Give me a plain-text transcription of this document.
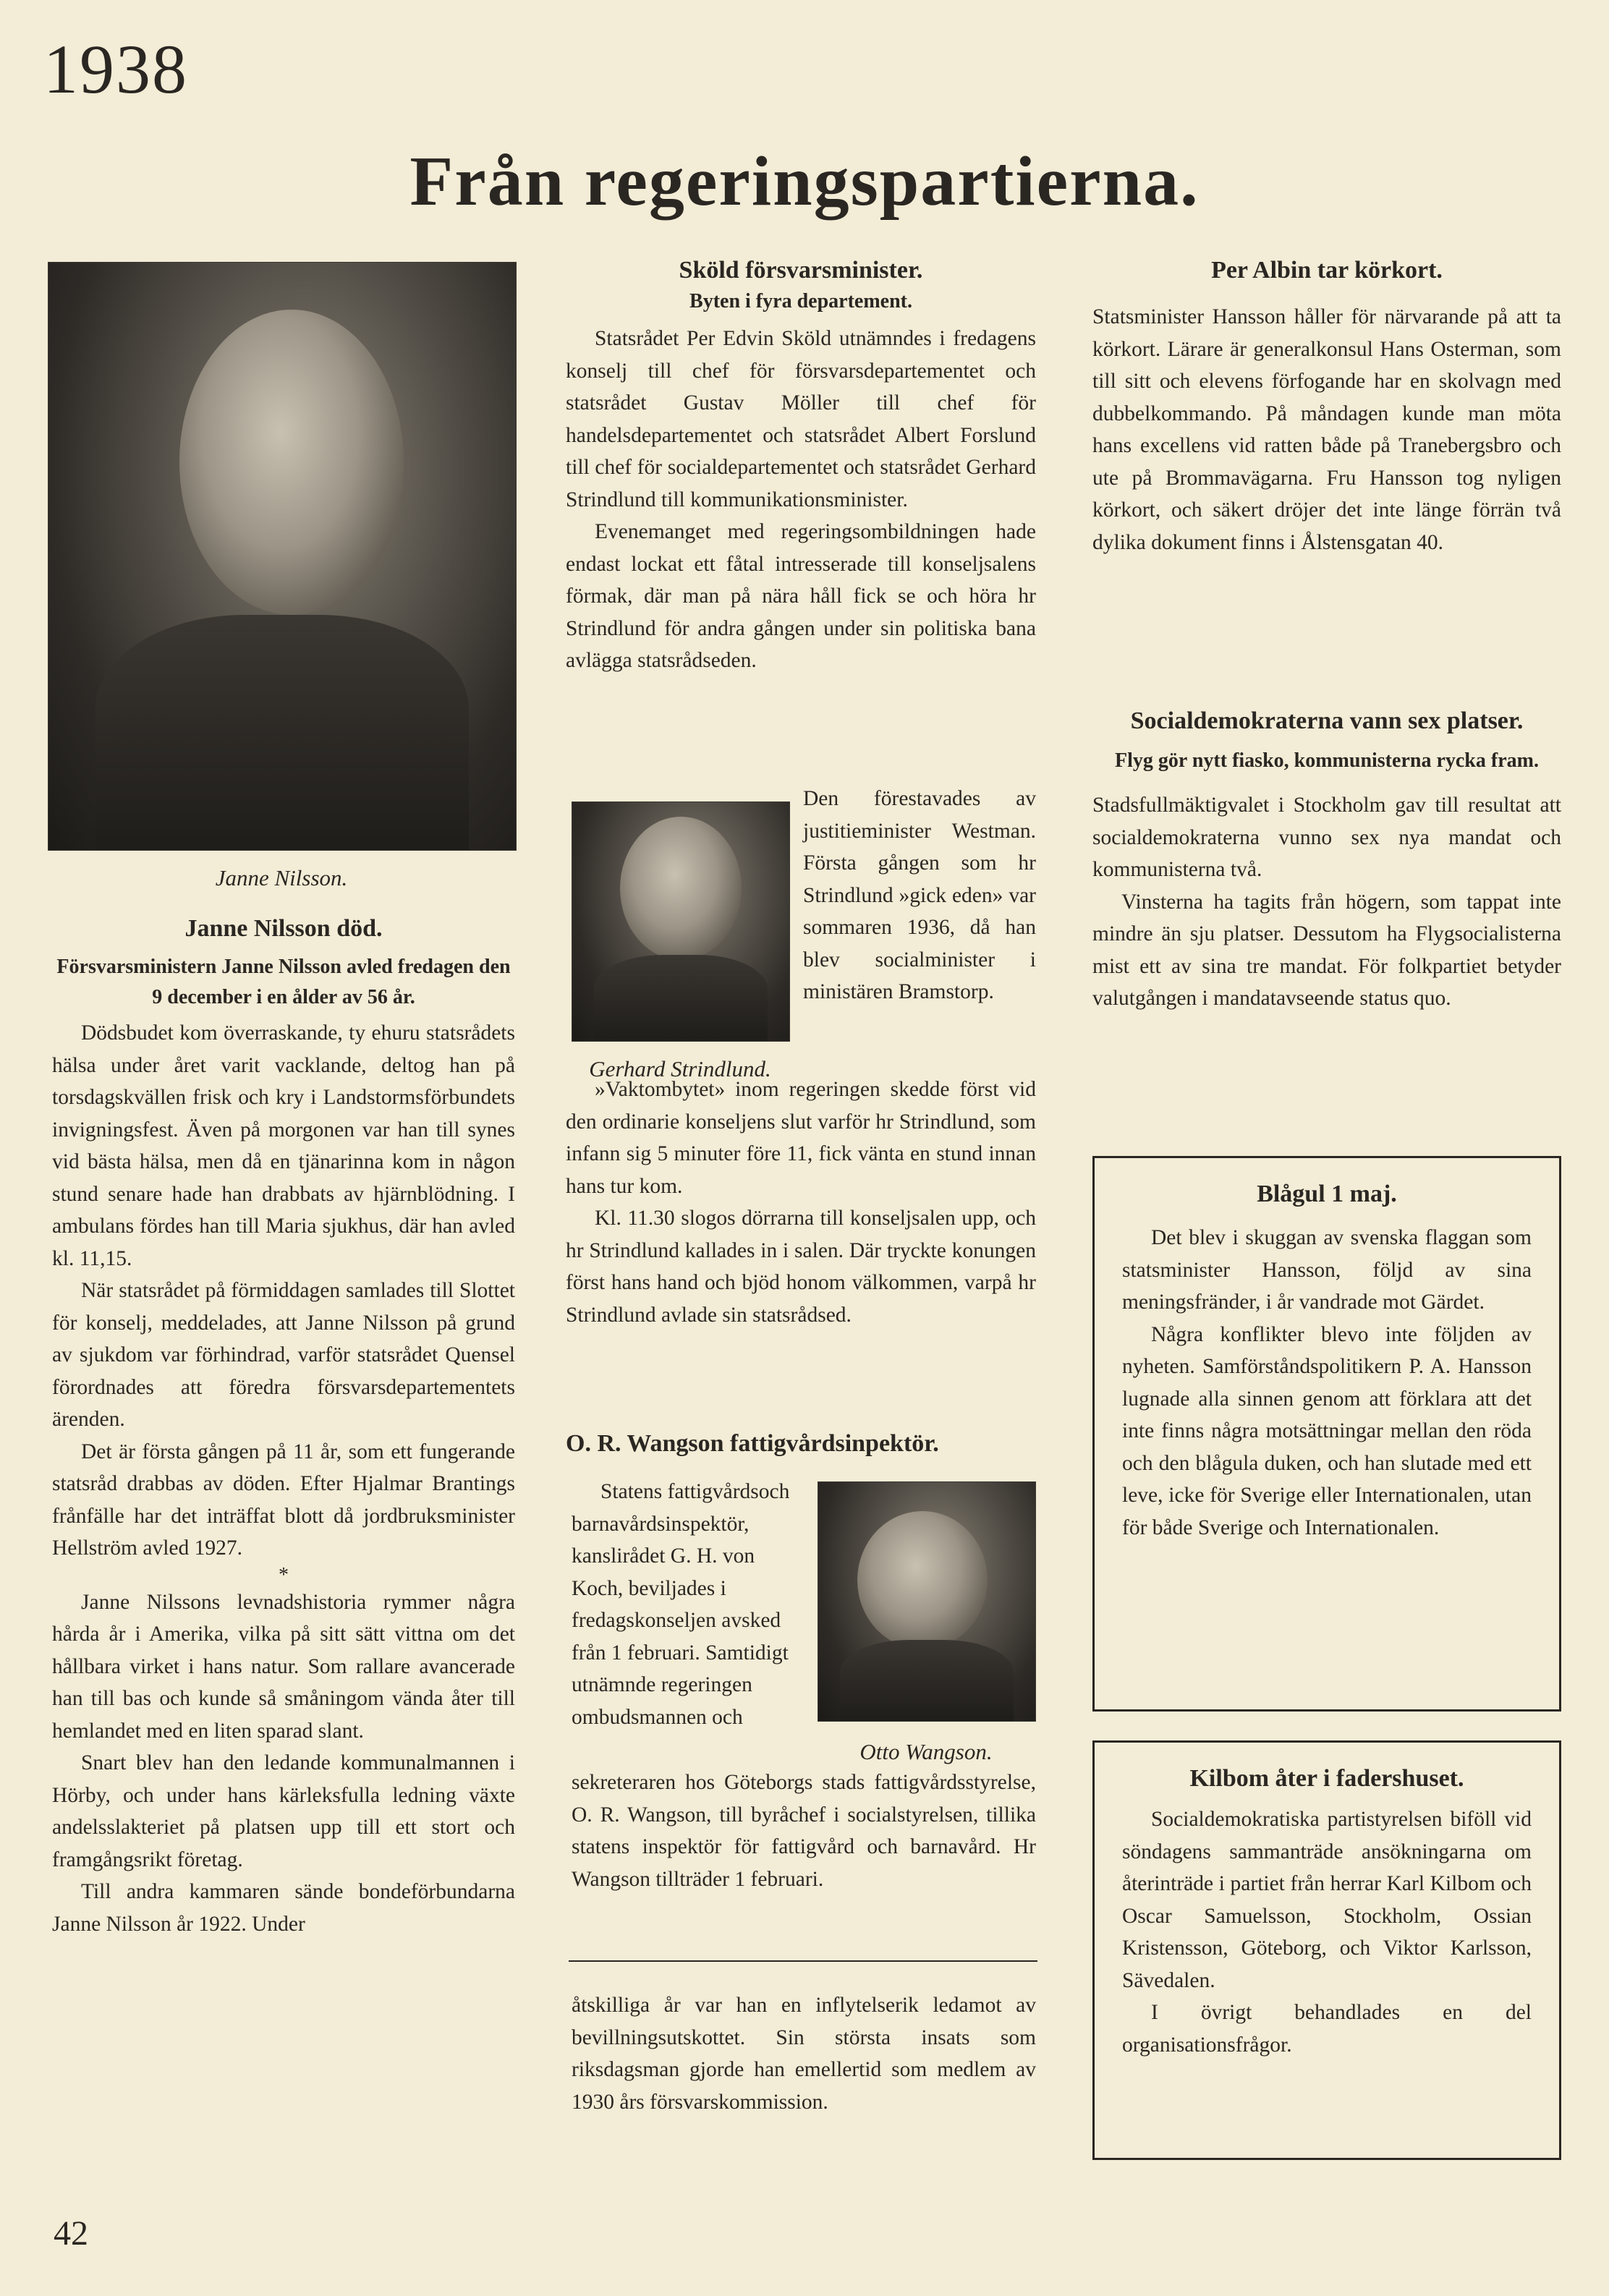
1938
Från regeringspartierna.
Janne Nilsson.
Janne Nilsson död.
Försvarsministern Janne Nilsson avled fredagen den 9 december i en ålder av 56 år.

Dödsbudet kom överraskande, ty ehuru statsrådets hälsa under året varit vacklande, deltog han på torsdagskvällen frisk och kry i Landstormsförbundets invigningsfest. Även på morgonen var han till synes vid bästa hälsa, men då en tjänarinna kom in någon stund senare hade han drabbats av hjärnblödning. I ambulans fördes han till Maria sjukhus, där han avled kl. 11,15.

När statsrådet på förmiddagen samlades till Slottet för konselj, meddelades, att Janne Nilsson på grund av sjukdom var förhindrad, varför statsrådet Quensel förordnades att föredra försvarsdepartementets ärenden.

Det är första gången på 11 år, som ett fungerande statsråd drabbas av döden. Efter Hjalmar Brantings frånfälle har det inträffat blott då jordbruksminister Hellström avled 1927.

*

Janne Nilssons levnadshistoria rymmer några hårda år i Amerika, vilka på sitt sätt vittna om det hållbara virket i hans natur. Som rallare avancerade han till bas och kunde så småningom vända åter till hemlandet med en liten sparad slant.

Snart blev han den ledande kommunalmannen i Hörby, och under hans kärleksfulla ledning växte andelsslakteriet på platsen upp till ett stort och framgångsrikt företag.

Till andra kammaren sände bondeförbundarna Janne Nilsson år 1922. Under

Sköld försvarsminister.
Byten i fyra departement.

Statsrådet Per Edvin Sköld utnämndes i fredagens konselj till chef för försvarsdepartementet och statsrådet Gustav Möller till chef för handelsdepartementet och statsrådet Albert Forslund till chef för socialdepartementet och statsrådet Gerhard Strindlund till kommunikationsminister.

Evenemanget med regeringsombildningen hade endast lockat ett fåtal intresserade till konseljsalens förmak, där man på nära håll fick se och höra hr Strindlund för andra gången under sin politiska bana avlägga statsrådseden.

Gerhard Strindlund.

Den förestavades av justitieminister Westman. Första gången som hr Strindlund »gick eden» var sommaren 1936, då han blev socialminister i ministären Bramstorp.

»Vaktombytet» inom regeringen skedde först vid den ordinarie konseljens slut varför hr Strindlund, som infann sig 5 minuter före 11, fick vänta en stund innan hans tur kom.

Kl. 11.30 slogos dörrarna till konseljsalen upp, och hr Strindlund kallades in i salen. Där tryckte konungen först hans hand och bjöd honom välkommen, varpå hr Strindlund avlade sin statsrådsed.

O. R. Wangson fattigvårdsinpektör.

Statens fattigvårdsoch barnavårdsinspektör, kanslirådet G. H. von Koch, beviljades i fredagskonseljen avsked från 1 februari. Samtidigt utnämnde regeringen ombudsmannen och

Otto Wangson.

sekreteraren hos Göteborgs stads fattigvårdsstyrelse, O. R. Wangson, till byråchef i socialstyrelsen, tillika statens inspektör för fattigvård och barnavård. Hr Wangson tillträder 1 februari.

åtskilliga år var han en inflytelserik ledamot av bevillningsutskottet. Sin största insats som riksdagsman gjorde han emellertid som medlem av 1930 års försvarskommission.

Per Albin tar körkort.

Statsminister Hansson håller för närvarande på att ta körkort. Lärare är generalkonsul Hans Osterman, som till sitt och elevens förfogande har en skolvagn med dubbelkommando. På måndagen kunde man möta hans excellens vid ratten både på Tranebergsbro och ute på Brommavägarna. Fru Hansson tog nyligen körkort, och säkert dröjer det inte länge förrän två dylika dokument finns i Ålstensgatan 40.

Socialdemokraterna vann sex platser.
Flyg gör nytt fiasko, kommunisterna rycka fram.

Stadsfullmäktigvalet i Stockholm gav till resultat att socialdemokraterna vunno sex nya mandat och kommunisterna två.

Vinsterna ha tagits från högern, som tappat inte mindre än sju platser. Dessutom ha Flygsocialisterna mist ett av sina tre mandat. För folkpartiet betyder valutgången i mandatavseende status quo.

Blågul 1 maj.

Det blev i skuggan av svenska flaggan som statsminister Hansson, följd av sina meningsfränder, i år vandrade mot Gärdet.

Några konflikter blevo inte följden av nyheten. Samförståndspolitikern P. A. Hansson lugnade alla sinnen genom att förklara att det inte finns några motsättningar mellan den röda och den blågula duken, och han slutade med ett leve, icke för Sverige eller Internationalen, utan för både Sverige och Internationalen.

Kilbom åter i fadershuset.

Socialdemokratiska partistyrelsen biföll vid söndagens sammanträde ansökningarna om återinträde i partiet från herrar Karl Kilbom och Oscar Samuelsson, Stockholm, Ossian Kristensson, Göteborg, och Viktor Karlsson, Sävedalen.

I övrigt behandlades en del organisationsfrågor.

42
